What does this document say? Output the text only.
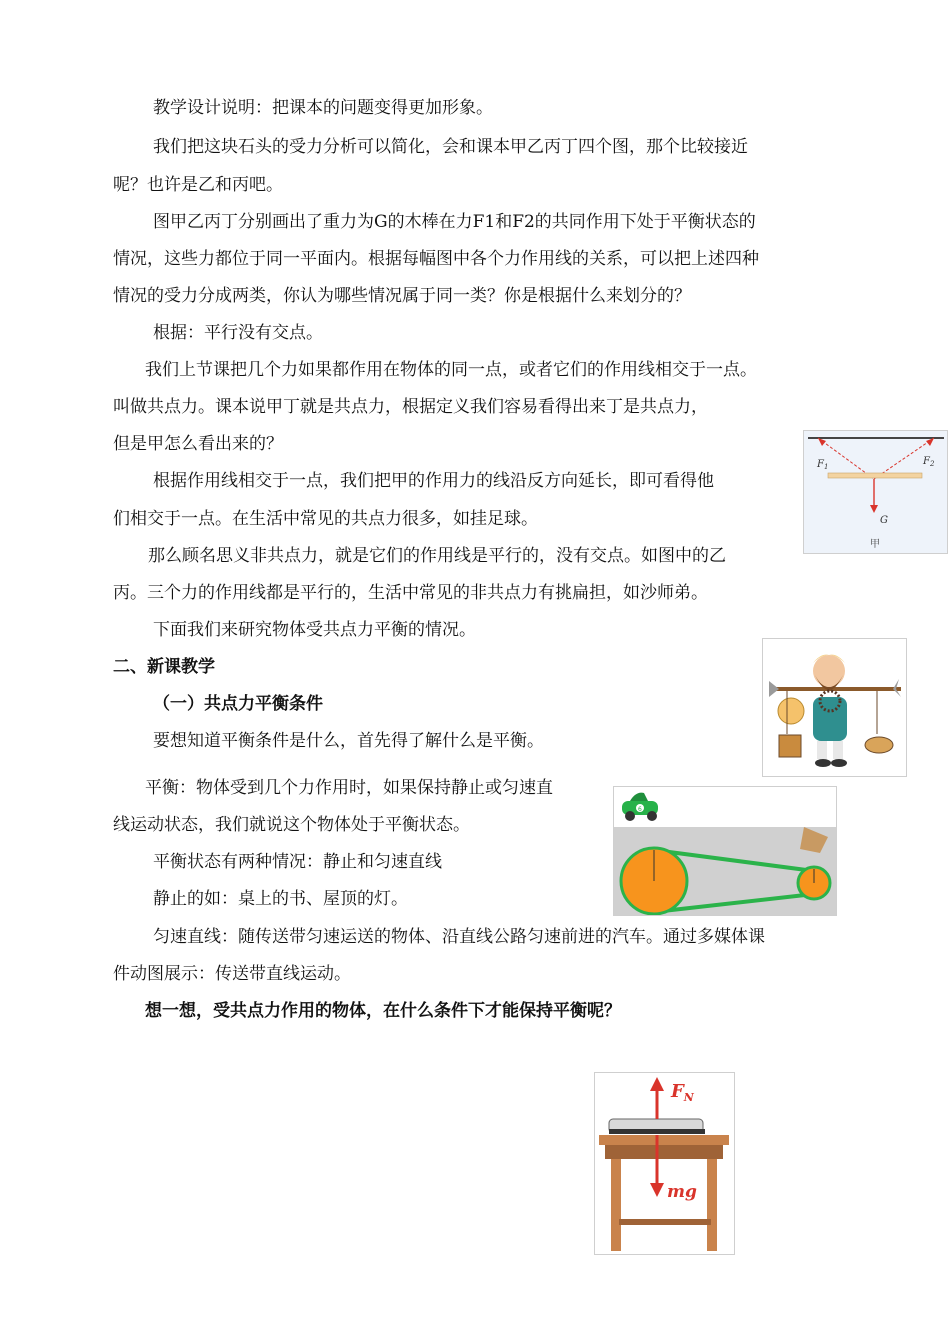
教学设计说明：把课本的问题变得更加形象。
我们把这块石头的受力分析可以简化，会和课本甲乙丙丁四个图，那个比较接近
呢？也许是乙和丙吧。
图甲乙丙丁分别画出了重力为G的木棒在力F1和F2的共同作用下处于平衡状态的
情况，这些力都位于同一平面内。根据每幅图中各个力作用线的关系，可以把上述四种
情况的受力分成两类，你认为哪些情况属于同一类？你是根据什么来划分的？
根据：平行没有交点。
我们上节课把几个力如果都作用在物体的同一点，或者它们的作用线相交于一点。
叫做共点力。课本说甲丁就是共点力，根据定义我们容易看得出来丁是共点力，
但是甲怎么看出来的？
根据作用线相交于一点，我们把甲的作用力的线沿反方向延长，即可看得他
们相交于一点。在生活中常见的共点力很多，如挂足球。
那么顾名思义非共点力，就是它们的作用线是平行的，没有交点。如图中的乙
丙。三个力的作用线都是平行的，生活中常见的非共点力有挑扁担，如沙师弟。
下面我们来研究物体受共点力平衡的情况。
二、新课教学
（一）共点力平衡条件
要想知道平衡条件是什么，首先得了解什么是平衡。
平衡：物体受到几个力作用时，如果保持静止或匀速直
线运动状态，我们就说这个物体处于平衡状态。
平衡状态有两种情况：静止和匀速直线
静止的如：桌上的书、屋顶的灯。
匀速直线：随传送带匀速运送的物体、沿直线公路匀速前进的汽车。通过多媒体课
件动图展示：传送带直线运动。
想一想，受共点力作用的物体，在什么条件下才能保持平衡呢？
$F_1$	$F_2$
G
甲
6
$F_N$
mg
